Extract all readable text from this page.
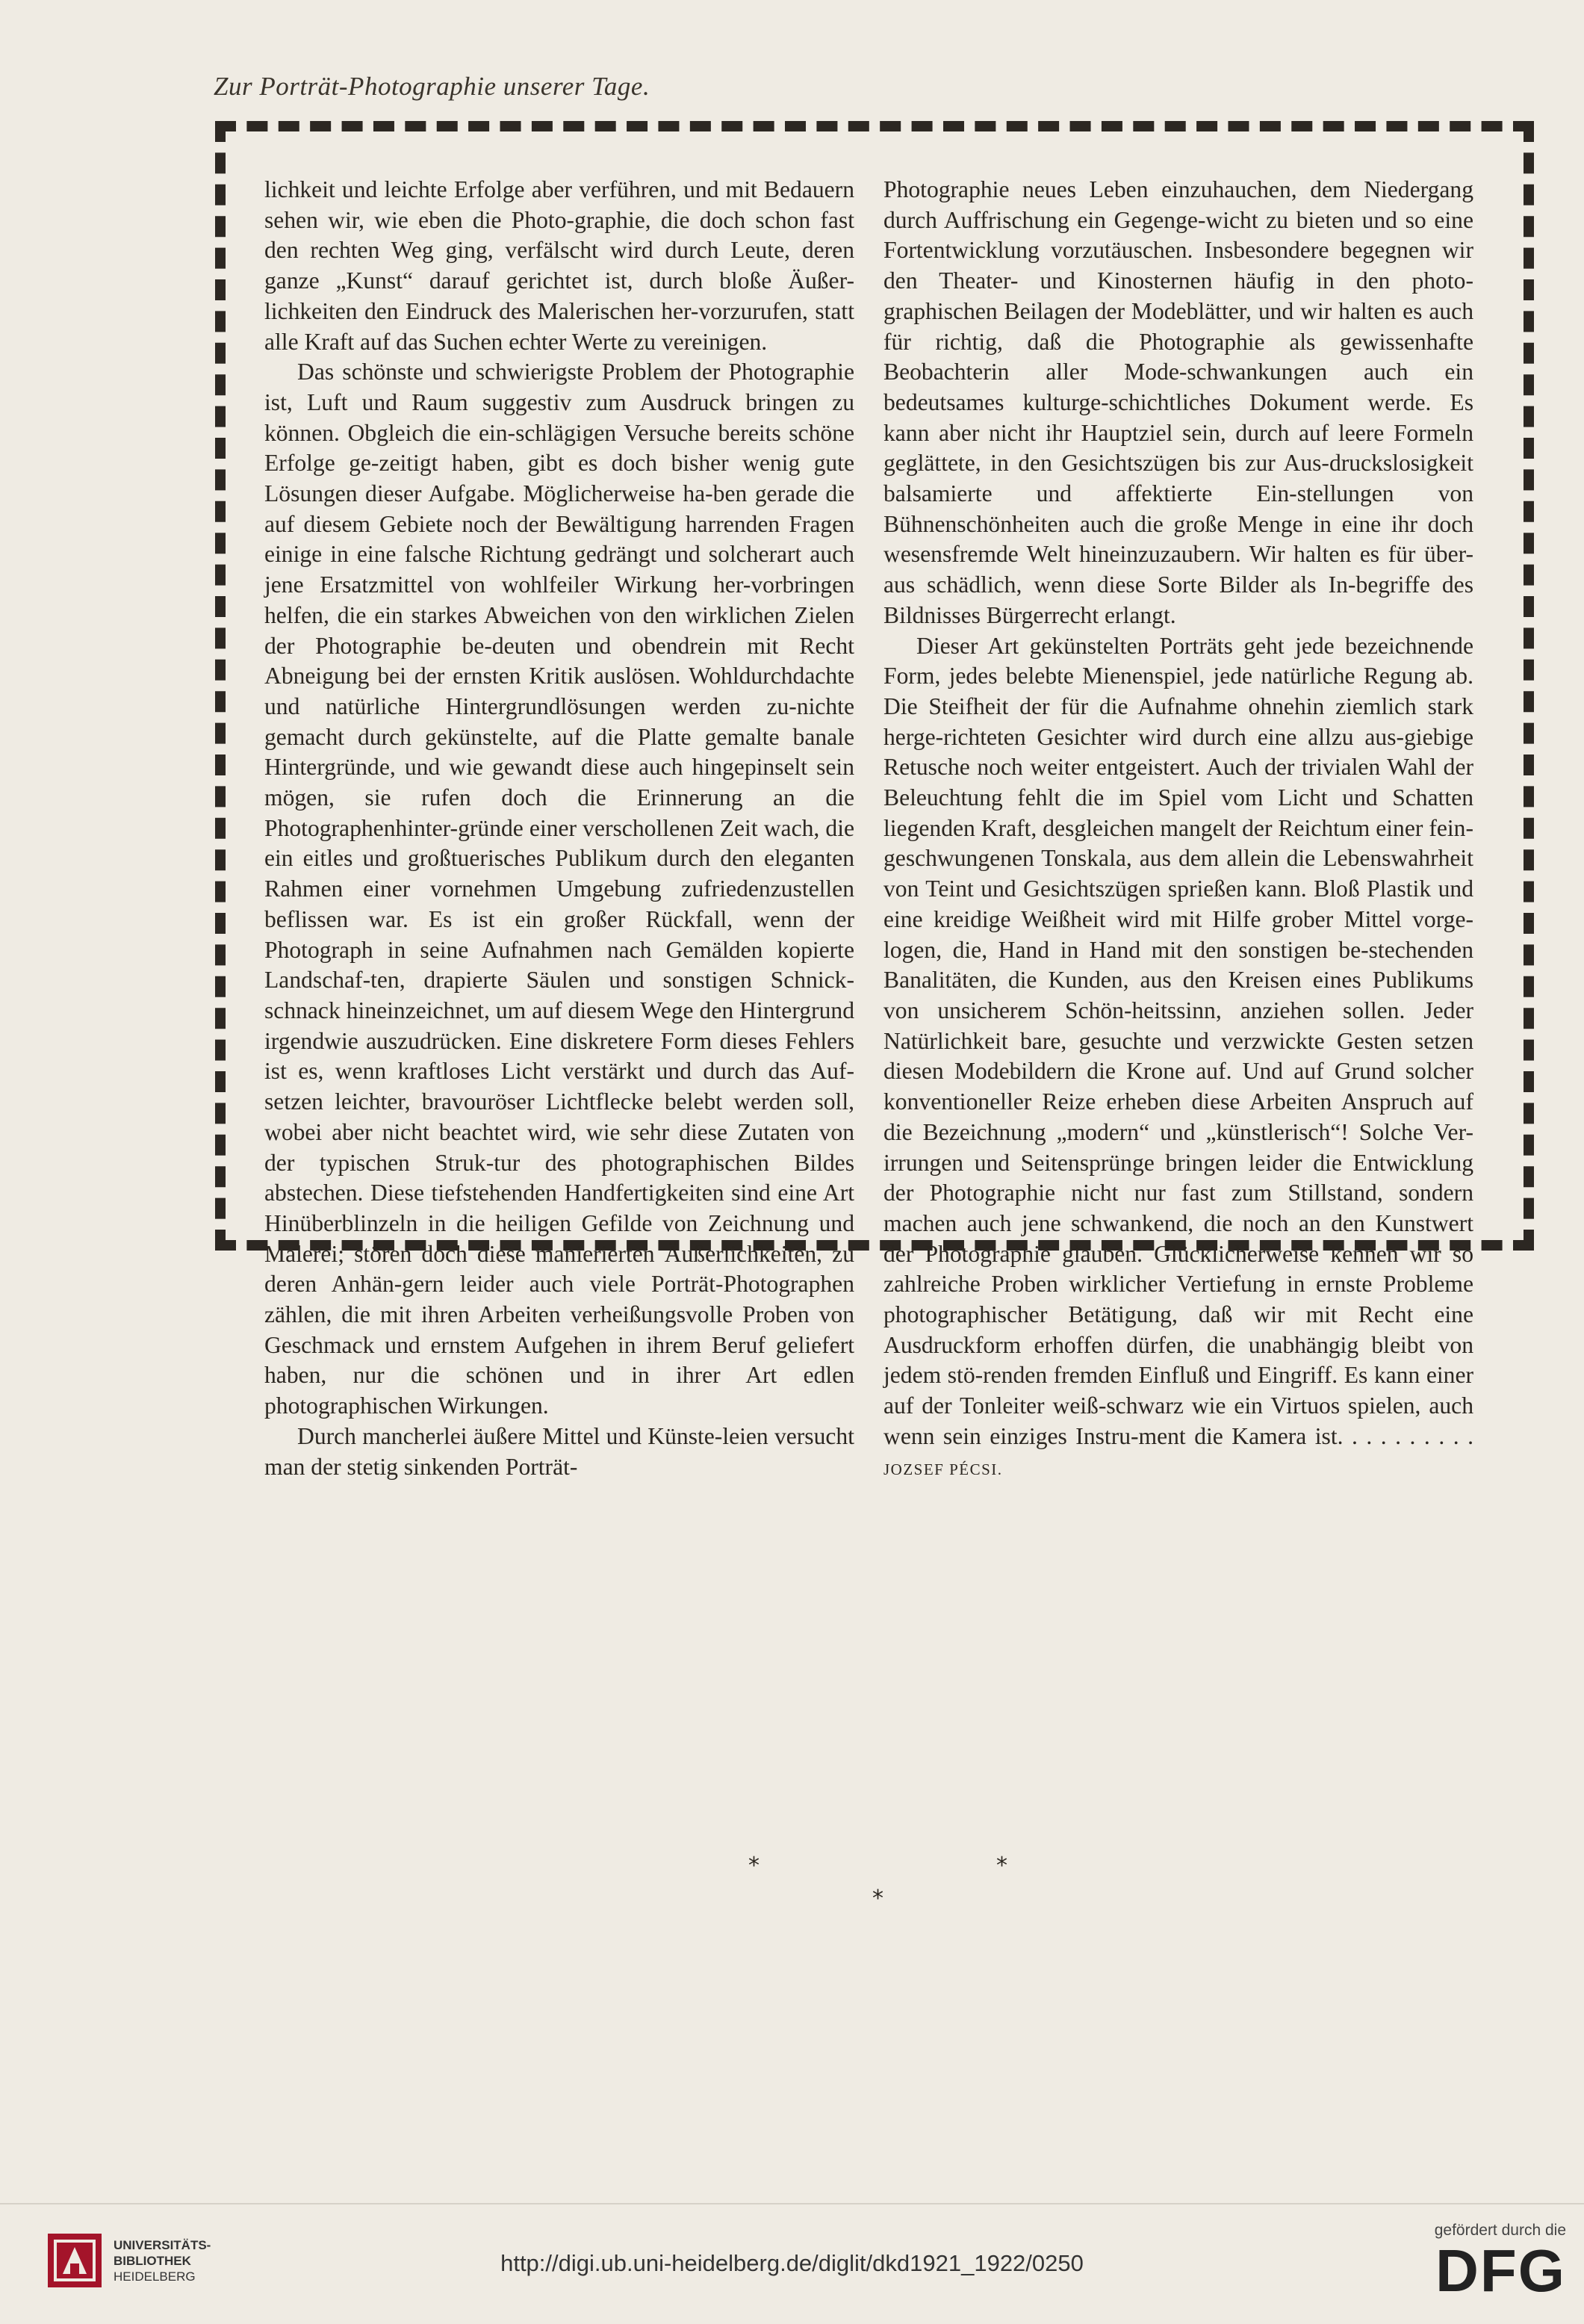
Zur Porträt-Photographie unserer Tage.

lichkeit und leichte Erfolge aber verführen, und mit Bedauern sehen wir, wie eben die Photo-graphie, die doch schon fast den rechten Weg ging, verfälscht wird durch Leute, deren ganze „Kunst“ darauf gerichtet ist, durch bloße Äußer-lichkeiten den Eindruck des Malerischen her-vorzurufen, statt alle Kraft auf das Suchen echter Werte zu vereinigen.

Das schönste und schwierigste Problem der Photographie ist, Luft und Raum suggestiv zum Ausdruck bringen zu können. Obgleich die ein-schlägigen Versuche bereits schöne Erfolge ge-zeitigt haben, gibt es doch bisher wenig gute Lösungen dieser Aufgabe. Möglicherweise ha-ben gerade die auf diesem Gebiete noch der Bewältigung harrenden Fragen einige in eine falsche Richtung gedrängt und solcherart auch jene Ersatzmittel von wohlfeiler Wirkung her-vorbringen helfen, die ein starkes Abweichen von den wirklichen Zielen der Photographie be-deuten und obendrein mit Recht Abneigung bei der ernsten Kritik auslösen. Wohldurchdachte und natürliche Hintergrundlösungen werden zu-nichte gemacht durch gekünstelte, auf die Platte gemalte banale Hintergründe, und wie gewandt diese auch hingepinselt sein mögen, sie rufen doch die Erinnerung an die Photographenhinter-gründe einer verschollenen Zeit wach, die ein eitles und großtuerisches Publikum durch den eleganten Rahmen einer vornehmen Umgebung zufriedenzustellen beflissen war. Es ist ein großer Rückfall, wenn der Photograph in seine Aufnahmen nach Gemälden kopierte Landschaf-ten, drapierte Säulen und sonstigen Schnick-schnack hineinzeichnet, um auf diesem Wege den Hintergrund irgendwie auszudrücken. Eine diskretere Form dieses Fehlers ist es, wenn kraftloses Licht verstärkt und durch das Auf-setzen leichter, bravouröser Lichtflecke belebt werden soll, wobei aber nicht beachtet wird, wie sehr diese Zutaten von der typischen Struk-tur des photographischen Bildes abstechen. Diese tiefstehenden Handfertigkeiten sind eine Art Hinüberblinzeln in die heiligen Gefilde von Zeichnung und Malerei; stören doch diese manierierten Äußerlichkeiten, zu deren Anhän-gern leider auch viele Porträt-Photographen zählen, die mit ihren Arbeiten verheißungsvolle Proben von Geschmack und ernstem Aufgehen in ihrem Beruf geliefert haben, nur die schönen und in ihrer Art edlen photographischen Wirkungen.

Durch mancherlei äußere Mittel und Künste-leien versucht man der stetig sinkenden Porträt-

Photographie neues Leben einzuhauchen, dem Niedergang durch Auffrischung ein Gegenge-wicht zu bieten und so eine Fortentwicklung vorzutäuschen. Insbesondere begegnen wir den Theater- und Kinosternen häufig in den photo-graphischen Beilagen der Modeblätter, und wir halten es auch für richtig, daß die Photographie als gewissenhafte Beobachterin aller Mode-schwankungen auch ein bedeutsames kulturge-schichtliches Dokument werde. Es kann aber nicht ihr Hauptziel sein, durch auf leere Formeln geglättete, in den Gesichtszügen bis zur Aus-druckslosigkeit balsamierte und affektierte Ein-stellungen von Bühnenschönheiten auch die große Menge in eine ihr doch wesensfremde Welt hineinzuzaubern. Wir halten es für über-aus schädlich, wenn diese Sorte Bilder als In-begriffe des Bildnisses Bürgerrecht erlangt.

Dieser Art gekünstelten Porträts geht jede bezeichnende Form, jedes belebte Mienenspiel, jede natürliche Regung ab. Die Steifheit der für die Aufnahme ohnehin ziemlich stark herge-richteten Gesichter wird durch eine allzu aus-giebige Retusche noch weiter entgeistert. Auch der trivialen Wahl der Beleuchtung fehlt die im Spiel vom Licht und Schatten liegenden Kraft, desgleichen mangelt der Reichtum einer fein-geschwungenen Tonskala, aus dem allein die Lebenswahrheit von Teint und Gesichtszügen sprießen kann. Bloß Plastik und eine kreidige Weißheit wird mit Hilfe grober Mittel vorge-logen, die, Hand in Hand mit den sonstigen be-stechenden Banalitäten, die Kunden, aus den Kreisen eines Publikums von unsicherem Schön-heitssinn, anziehen sollen. Jeder Natürlichkeit bare, gesuchte und verzwickte Gesten setzen diesen Modebildern die Krone auf. Und auf Grund solcher konventioneller Reize erheben diese Arbeiten Anspruch auf die Bezeichnung „modern“ und „künstlerisch“! Solche Ver-irrungen und Seitensprünge bringen leider die Entwicklung der Photographie nicht nur fast zum Stillstand, sondern machen auch jene schwankend, die noch an den Kunstwert der Photographie glauben. Glücklicherweise kennen wir so zahlreiche Proben wirklicher Vertiefung in ernste Probleme photographischer Betätigung, daß wir mit Recht eine Ausdruckform erhoffen dürfen, die unabhängig bleibt von jedem stö-renden fremden Einfluß und Eingriff. Es kann einer auf der Tonleiter weiß-schwarz wie ein Virtuos spielen, auch wenn sein einziges Instru-ment die Kamera ist. . . . . . . . . . JOZSEF PÉCSI.

*
*
*
UNIVERSITÄTS-
BIBLIOTHEK
HEIDELBERG	http://digi.ub.uni-heidelberg.de/diglit/dkd1921_1922/0250
gefördert durch die
DFG
